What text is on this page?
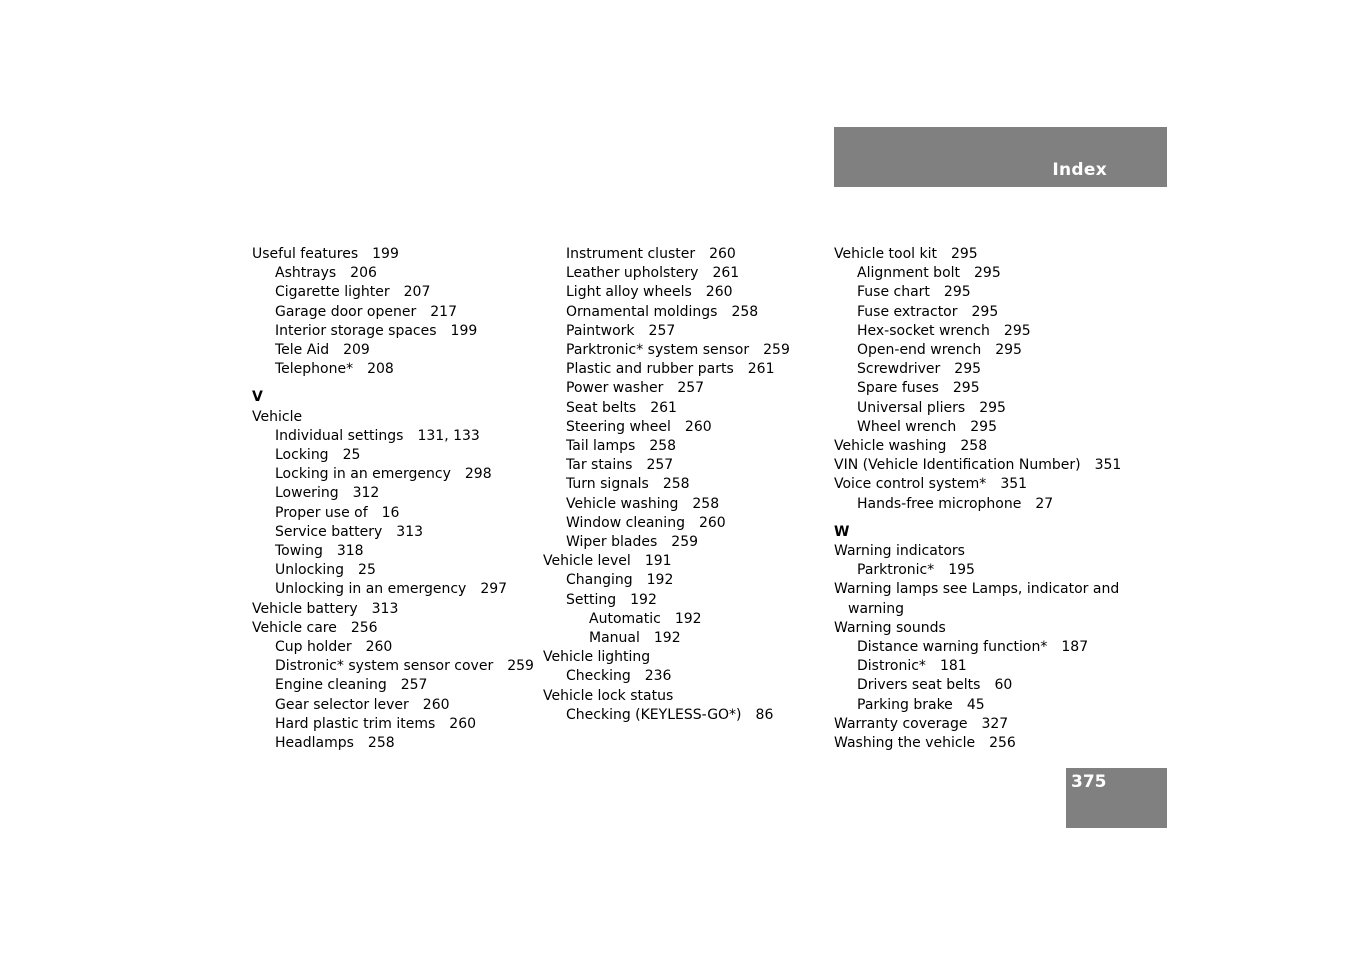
Index
Useful features 199
Ashtrays 206
Cigarette lighter 207
Garage door opener 217
Interior storage spaces 199
Tele Aid 209
Telephone* 208
V
Vehicle
Individual settings 131, 133
Locking 25
Locking in an emergency 298
Lowering 312
Proper use of 16
Service battery 313
Towing 318
Unlocking 25
Unlocking in an emergency 297
Vehicle battery 313
Vehicle care 256
Cup holder 260
Distronic* system sensor cover 259
Engine cleaning 257
Gear selector lever 260
Hard plastic trim items 260
Headlamps 258
Instrument cluster 260
Leather upholstery 261
Light alloy wheels 260
Ornamental moldings 258
Paintwork 257
Parktronic* system sensor 259
Plastic and rubber parts 261
Power washer 257
Seat belts 261
Steering wheel 260
Tail lamps 258
Tar stains 257
Turn signals 258
Vehicle washing 258
Window cleaning 260
Wiper blades 259
Vehicle level 191
Changing 192
Setting 192
Automatic 192
Manual 192
Vehicle lighting
Checking 236
Vehicle lock status
Checking (KEYLESS-GO*) 86
Vehicle tool kit 295
Alignment bolt 295
Fuse chart 295
Fuse extractor 295
Hex-socket wrench 295
Open-end wrench 295
Screwdriver 295
Spare fuses 295
Universal pliers 295
Wheel wrench 295
Vehicle washing 258
VIN (Vehicle Identification Number) 351
Voice control system* 351
Hands-free microphone 27
W
Warning indicators
Parktronic* 195
Warning lamps see Lamps, indicator and
warning
Warning sounds
Distance warning function* 187
Distronic* 181
Drivers seat belts 60
Parking brake 45
Warranty coverage 327
Washing the vehicle 256
375
